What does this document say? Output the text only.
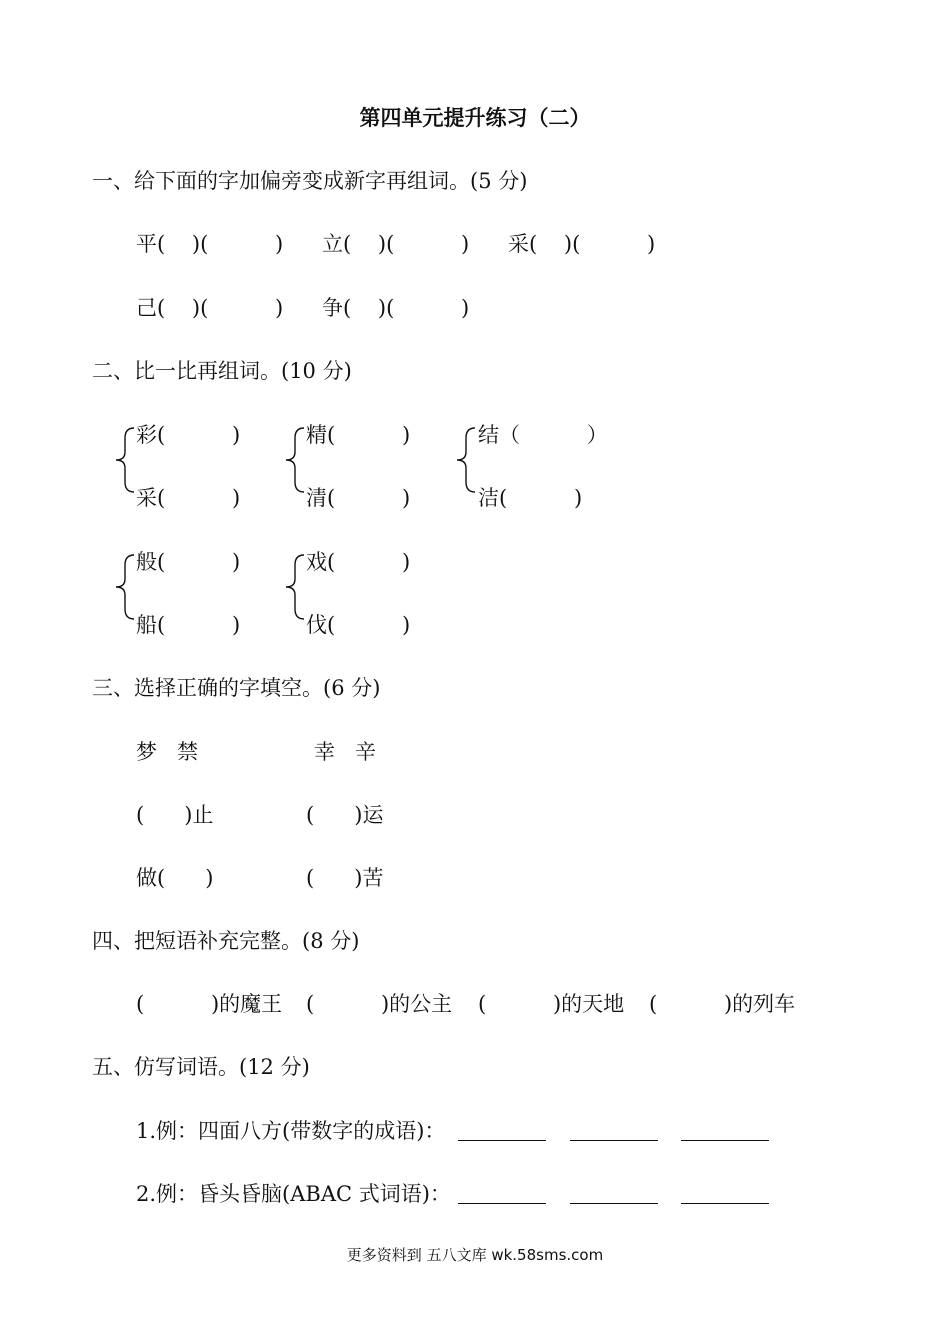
第四单元提升练习（二）
一、给下面的字加偏旁变成新字再组词。(5 分)
平(    )(          ) 立(    )(          ) 采(    )(          )
己(    )(          ) 争(    )(          )
二、比一比再组词。(10 分)
彩(          )
采(          )
精(          )
清(          )
结（          ）
洁(          )
般(          )
船(          )
戏(          )
伐(          )
三、选择正确的字填空。(6 分)
梦   禁	幸   辛
(      )止	(      )运
做(      )	(      )苦
四、把短语补充完整。(8 分)
(          )的魔王 (          )的公主 (          )的天地 (          )的列车
五、仿写词语。(12 分)
1.例：四面八方(带数字的成语)：
2.例：昏头昏脑(ABAC 式词语)：
更多资料到 五八文库 wk.58sms.com
